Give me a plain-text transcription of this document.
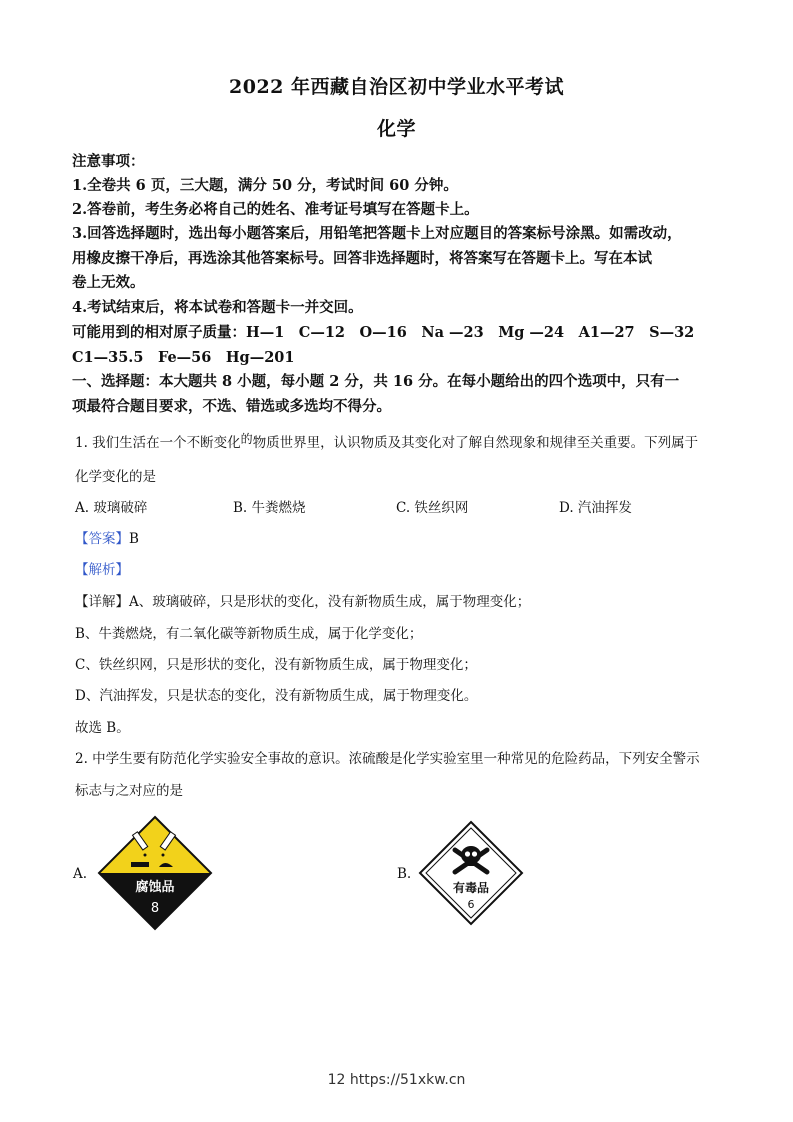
2022 年西藏自治区初中学业水平考试
化学
注意事项：
1.全卷共 6 页，三大题，满分 50 分，考试时间 60 分钟。
2.答卷前，考生务必将自己的姓名、准考证号填写在答题卡上。
3.回答选择题时，选出每小题答案后，用铅笔把答题卡上对应题目的答案标号涂黑。如需改动，
用橡皮擦干净后，再选涂其他答案标号。回答非选择题时，将答案写在答题卡上。写在本试
卷上无效。
4.考试结束后，将本试卷和答题卡一并交回。
可能用到的相对原子质量：H—1　C—12　O—16　Na —23　Mg —24　A1—27　S—32
C1—35.5　Fe—56　Hg—201
一、选择题：本大题共 8 小题，每小题 2 分，共 16 分。在每小题给出的四个选项中，只有一
项最符合题目要求，不选、错选或多选均不得分。
1. 我们生活在一个不断变化的物质世界里，认识物质及其变化对了解自然现象和规律至关重要。下列属于
化学变化的是
A. 玻璃破碎	B. 牛粪燃烧	C. 铁丝织网	D. 汽油挥发
【答案】B
【解析】
【详解】A、玻璃破碎，只是形状的变化，没有新物质生成，属于物理变化；
B、牛粪燃烧，有二氧化碳等新物质生成，属于化学变化；
C、铁丝织网，只是形状的变化，没有新物质生成，属于物理变化；
D、汽油挥发，只是状态的变化，没有新物质生成，属于物理变化。
故选 B。
2. 中学生要有防范化学实验安全事故的意识。浓硫酸是化学实验室里一种常见的危险药品，下列安全警示
标志与之对应的是
A.	B.
腐蚀品
8
有毒品
6
12 https://51xkw.cn
